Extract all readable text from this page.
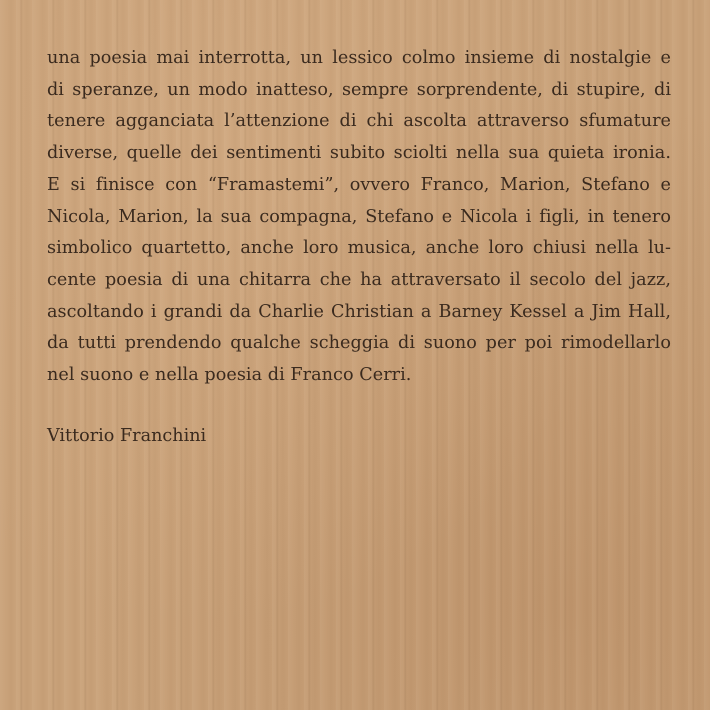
una poesia mai interrotta, un lessico colmo insieme di nostalgie e
di speranze, un modo inatteso, sempre sorprendente, di stupire, di
tenere agganciata l’attenzione di chi ascolta attraverso sfumature
diverse, quelle dei sentimenti subito sciolti nella sua quieta ironia.
E si finisce con “Framastemi”, ovvero Franco, Marion, Stefano e
Nicola, Marion, la sua compagna, Stefano e Nicola i figli, in tenero
simbolico quartetto, anche loro musica, anche loro chiusi nella lu-
cente poesia di una chitarra che ha attraversato il secolo del jazz,
ascoltando i grandi da Charlie Christian a Barney Kessel a Jim Hall,
da tutti prendendo qualche scheggia di suono per poi rimodellarlo
nel suono e nella poesia di Franco Cerri.
Vittorio Franchini
